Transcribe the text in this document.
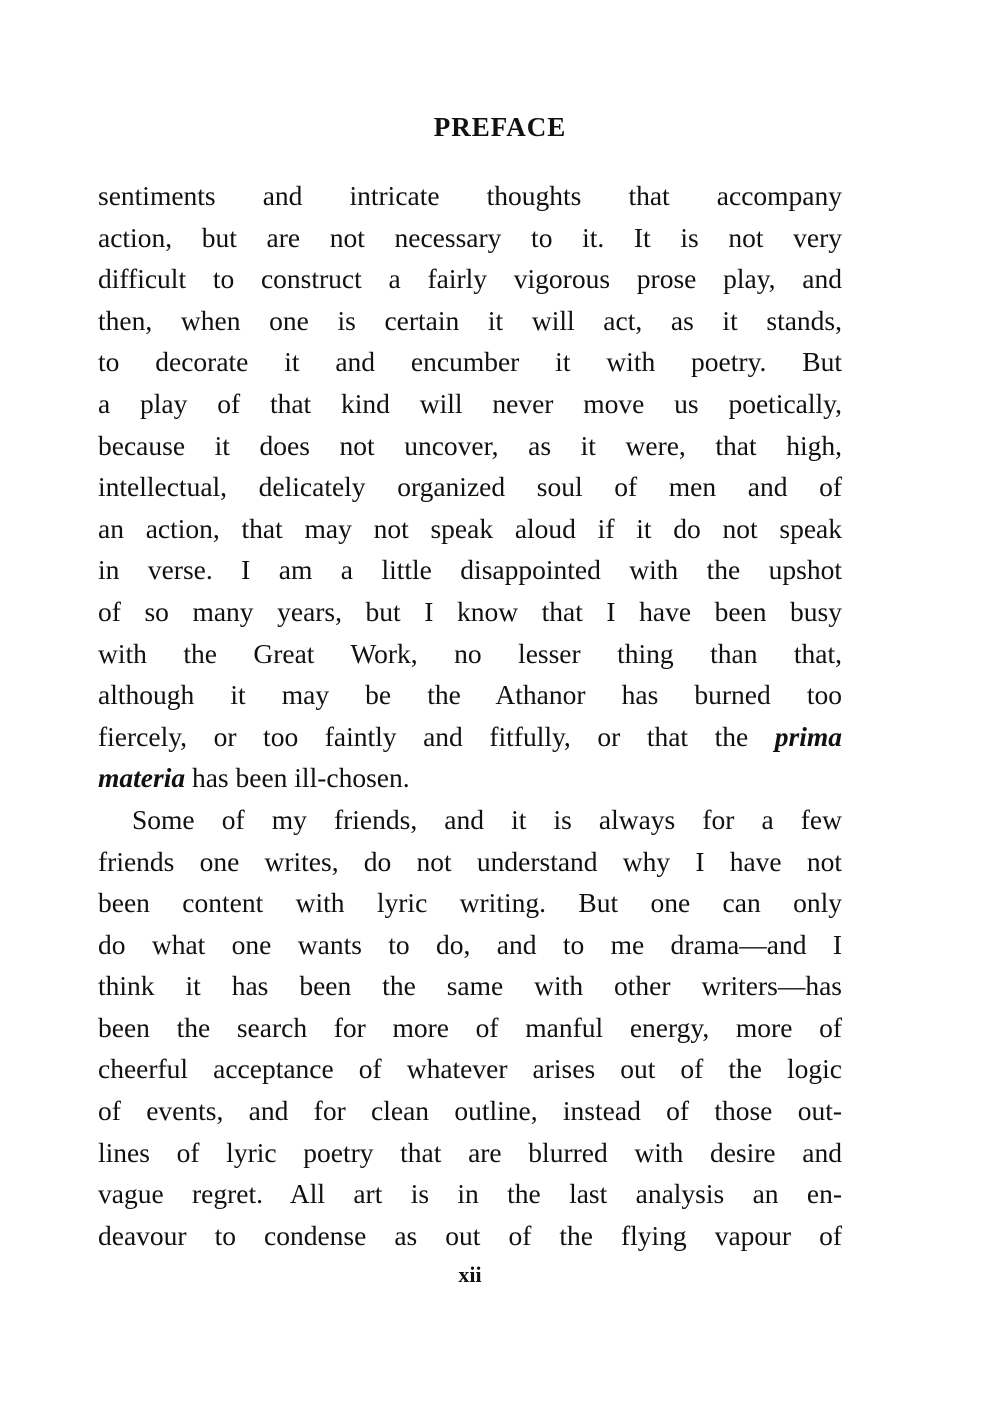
PREFACE
sentiments and intricate thoughts that accompany
action, but are not necessary to it. It is not very
difficult to construct a fairly vigorous prose play, and
then, when one is certain it will act, as it stands,
to decorate it and encumber it with poetry. But
a play of that kind will never move us poetically,
because it does not uncover, as it were, that high,
intellectual, delicately organized soul of men and of
an action, that may not speak aloud if it do not speak
in verse. I am a little disappointed with the upshot
of so many years, but I know that I have been busy
with the Great Work, no lesser thing than that,
although it may be the Athanor has burned too
fiercely, or too faintly and fitfully, or that the prima
materia has been ill-chosen.
Some of my friends, and it is always for a few
friends one writes, do not understand why I have not
been content with lyric writing. But one can only
do what one wants to do, and to me drama—and I
think it has been the same with other writers—has
been the search for more of manful energy, more of
cheerful acceptance of whatever arises out of the logic
of events, and for clean outline, instead of those out-
lines of lyric poetry that are blurred with desire and
vague regret. All art is in the last analysis an en-
deavour to condense as out of the flying vapour of
xii
